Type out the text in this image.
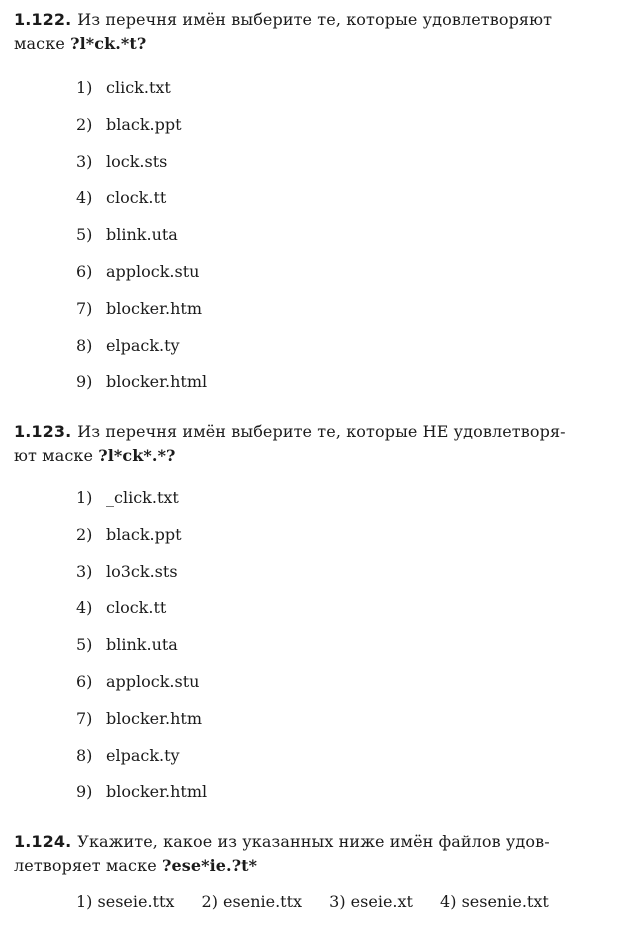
1.122. Из перечня имён выберите те, которые удовлетворяют
маске ?l*ck.*t?
1) click.txt
2) black.ppt
3) lock.sts
4) clock.tt
5) blink.uta
6) applock.stu
7) blocker.htm
8) elpack.ty
9) blocker.html
1.123. Из перечня имён выберите те, которые НЕ удовлетворя-
ют маске ?l*ck*.*?
1) _click.txt
2) black.ppt
3) lo3ck.sts
4) clock.tt
5) blink.uta
6) applock.stu
7) blocker.htm
8) elpack.ty
9) blocker.html
1.124. Укажите, какое из указанных ниже имён файлов удов-
летворяет маске ?ese*ie.?t*
1) seseie.ttx 2) esenie.ttx 3) eseie.xt 4) sesenie.txt
